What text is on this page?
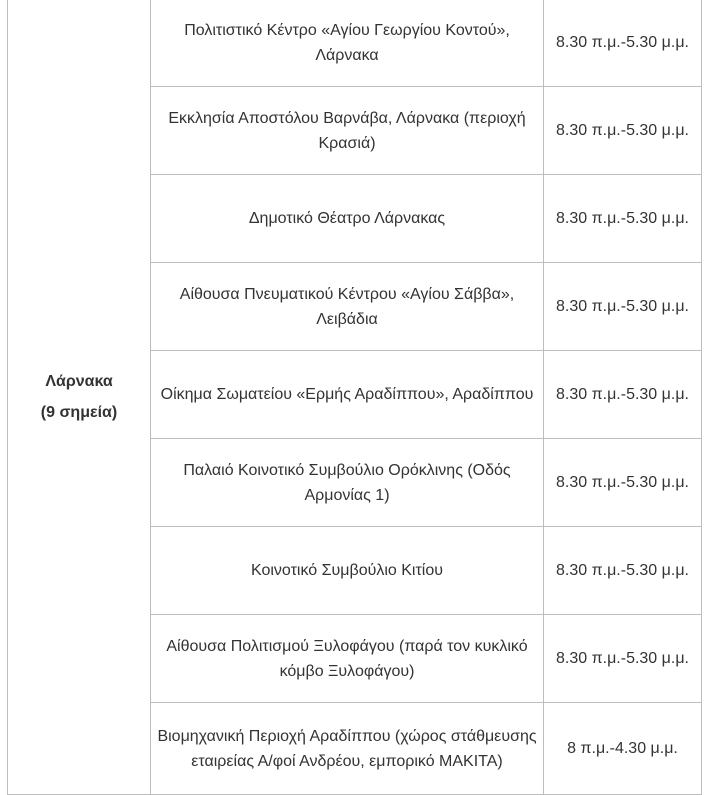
Λάρνακα
(9 σημεία)	Πολιτιστικό Κέντρο «Αγίου Γεωργίου Κοντού», Λάρνακα	8.30 π.μ.-5.30 μ.μ.
	Εκκλησία Αποστόλου Βαρνάβα, Λάρνακα (περιοχή Κρασιά)	8.30 π.μ.-5.30 μ.μ.
	Δημοτικό Θέατρο Λάρνακας	8.30 π.μ.-5.30 μ.μ.
	Αίθουσα Πνευματικού Κέντρου «Αγίου Σάββα», Λειβάδια	8.30 π.μ.-5.30 μ.μ.
	Οίκημα Σωματείου «Ερμής Αραδίππου», Αραδίππου	8.30 π.μ.-5.30 μ.μ.
	Παλαιό Κοινοτικό Συμβούλιο Ορόκλινης (Οδός Αρμονίας 1)	8.30 π.μ.-5.30 μ.μ.
	Κοινοτικό Συμβούλιο Κιτίου	8.30 π.μ.-5.30 μ.μ.
	Αίθουσα Πολιτισμού Ξυλοφάγου (παρά τον κυκλικό κόμβο Ξυλοφάγου)	8.30 π.μ.-5.30 μ.μ.
	Βιομηχανική Περιοχή Αραδίππου (χώρος στάθμευσης εταιρείας Α/φοί Ανδρέου, εμπορικό ΜΑΚΙΤΑ)	8 π.μ.-4.30 μ.μ.
